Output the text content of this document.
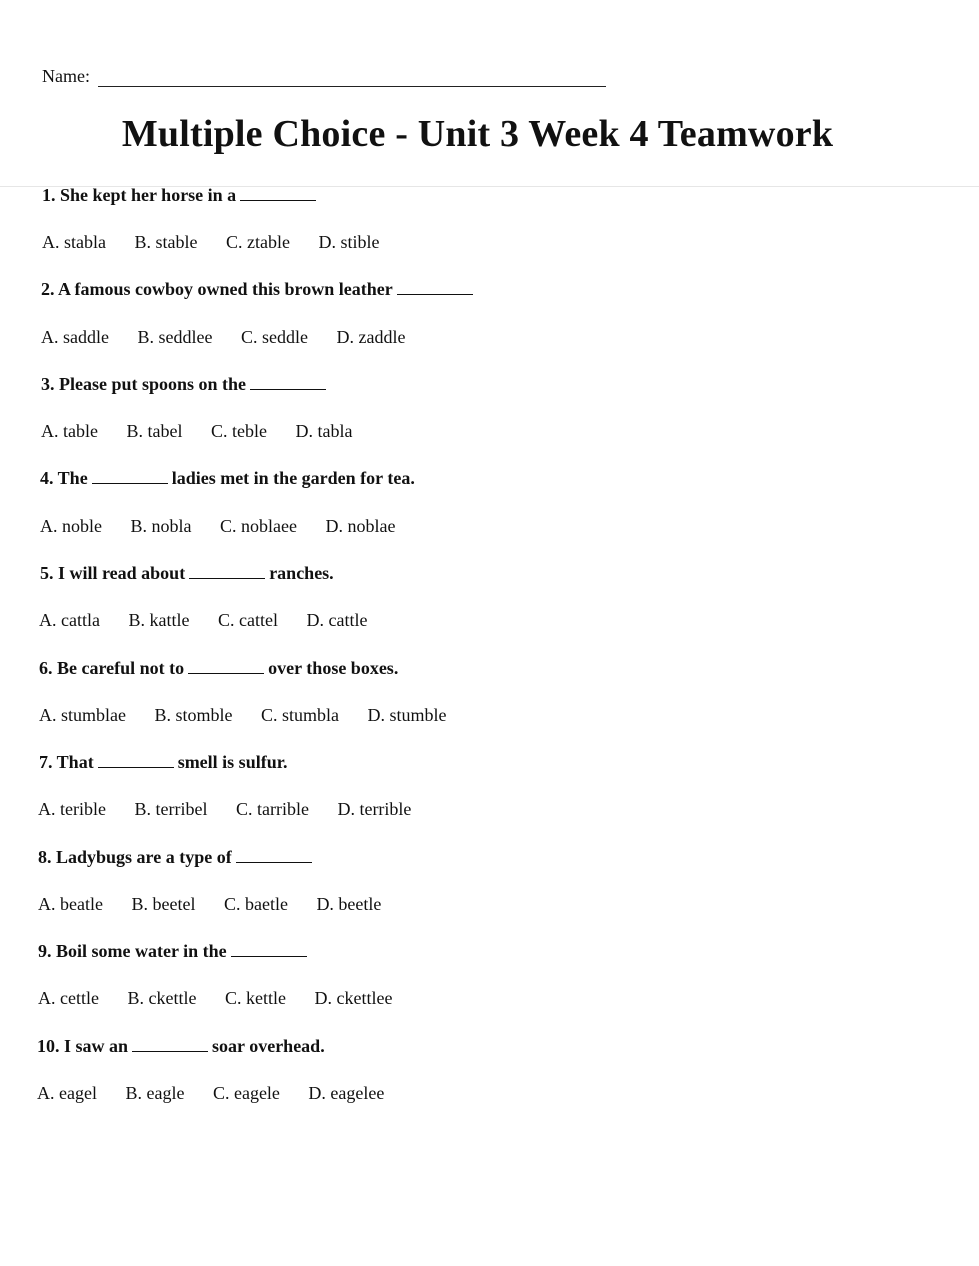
Name:
Multiple Choice - Unit 3 Week 4 Teamwork
1. She kept her horse in a
A. stabla B. stable C. ztable D. stible
2. A famous cowboy owned this brown leather
A. saddle B. seddlee C. seddle D. zaddle
3. Please put spoons on the
A. table B. tabel C. teble D. tabla
4. The	ladies met in the garden for tea.
A. noble B. nobla C. noblaee D. noblae
5. I will read about	ranches.
A. cattla B. kattle C. cattel D. cattle
6. Be careful not to	over those boxes.
A. stumblae B. stomble C. stumbla D. stumble
7. That	smell is sulfur.
A. terible B. terribel C. tarrible D. terrible
8. Ladybugs are a type of
A. beatle B. beetel C. baetle D. beetle
9. Boil some water in the
A. cettle B. ckettle C. kettle D. ckettlee
10. I saw an	soar overhead.
A. eagel B. eagle C. eagele D. eagelee
